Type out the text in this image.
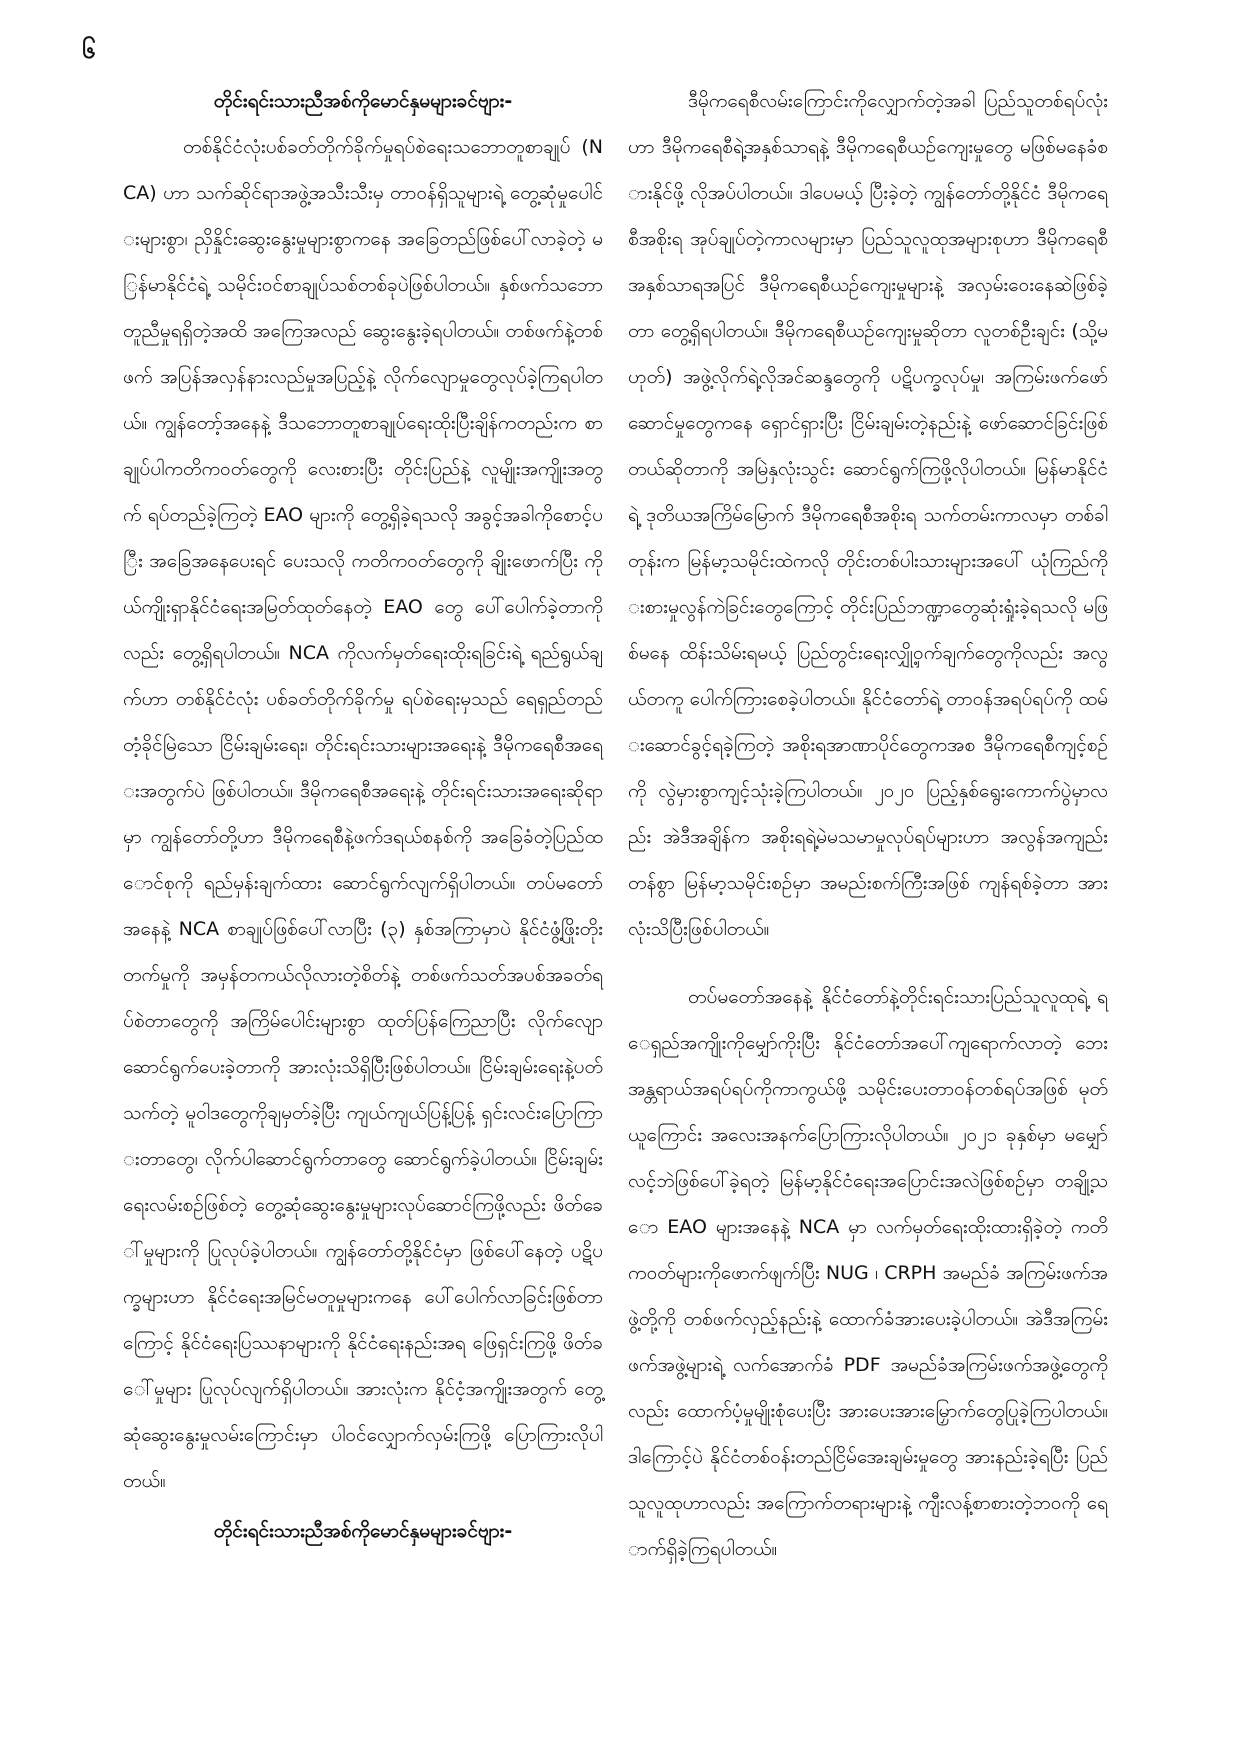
၆

တိုင်းရင်းသားညီအစ်ကိုမောင်နှမများခင်ဗျား-

တစ်နိုင်ငံလုံးပစ်ခတ်တိုက်ခိုက်မှုရပ်စဲရေးသဘောတူစာချုပ် (NCA) ဟာ သက်ဆိုင်ရာအဖွဲ့အသီးသီးမှ တာဝန်ရှိသူများရဲ့ တွေ့ဆုံမှုပေါင်းများစွာ၊ ညှိနှိုင်းဆွေးနွေးမှုများစွာကနေ အခြေတည်ဖြစ်ပေါ်လာခဲ့တဲ့ မြန်မာနိုင်ငံရဲ့ သမိုင်းဝင်စာချုပ်သစ်တစ်ခုပဲဖြစ်ပါတယ်။ နှစ်ဖက်သဘောတူညီမှုရရှိတဲ့အထိ အကြေအလည် ဆွေးနွေးခဲ့ရပါတယ်။ တစ်ဖက်နဲ့တစ်ဖက် အပြန်အလှန်နားလည်မှုအပြည့်နဲ့ လိုက်လျောမှုတွေလုပ်ခဲ့ကြရပါတယ်။ ကျွန်တော့်အနေနဲ့ ဒီသဘောတူစာချုပ်ရေးထိုးပြီးချိန်ကတည်းက စာချုပ်ပါကတိကဝတ်တွေကို လေးစားပြီး တိုင်းပြည်နဲ့ လူမျိုးအကျိုးအတွက် ရပ်တည်ခဲ့ကြတဲ့ EAO များကို တွေ့ရှိခဲ့ရသလို အခွင့်အခါကိုစောင့်ပြီး အခြေအနေပေးရင် ပေးသလို ကတိကဝတ်တွေကို ချိုးဖောက်ပြီး ကိုယ်ကျိုးရှာနိုင်ငံရေးအမြတ်ထုတ်နေတဲ့ EAO တွေ ပေါ်ပေါက်ခဲ့တာကိုလည်း တွေ့ရှိရပါတယ်။ NCA ကိုလက်မှတ်ရေးထိုးရခြင်းရဲ့ ရည်ရွယ်ချက်ဟာ တစ်နိုင်ငံလုံး ပစ်ခတ်တိုက်ခိုက်မှု ရပ်စဲရေးမှသည် ရေရှည်တည်တံ့ခိုင်မြဲသော ငြိမ်းချမ်းရေး၊ တိုင်းရင်းသားများအရေးနဲ့ ဒီမိုကရေစီအရေးအတွက်ပဲ ဖြစ်ပါတယ်။ ဒီမိုကရေစီအရေးနဲ့ တိုင်းရင်းသားအရေးဆိုရာမှာ ကျွန်တော်တို့ဟာ ဒီမိုကရေစီနဲ့ဖက်ဒရယ်စနစ်ကို အခြေခံတဲ့ပြည်ထောင်စုကို ရည်မှန်းချက်ထား ဆောင်ရွက်လျက်ရှိပါတယ်။ တပ်မတော်အနေနဲ့ NCA စာချုပ်ဖြစ်ပေါ်လာပြီး (၃) နှစ်အကြာမှာပဲ နိုင်ငံဖွံ့ဖြိုးတိုးတက်မှုကို အမှန်တကယ်လိုလားတဲ့စိတ်နဲ့ တစ်ဖက်သတ်အပစ်အခတ်ရပ်စဲတာတွေကို အကြိမ်ပေါင်းများစွာ ထုတ်ပြန်ကြေညာပြီး လိုက်လျောဆောင်ရွက်ပေးခဲ့တာကို အားလုံးသိရှိပြီးဖြစ်ပါတယ်။ ငြိမ်းချမ်းရေးနဲ့ပတ်သက်တဲ့ မူဝါဒတွေကိုချမှတ်ခဲ့ပြီး ကျယ်ကျယ်ပြန့်ပြန့် ရှင်းလင်းပြောကြားတာတွေ၊ လိုက်ပါဆောင်ရွက်တာတွေ ဆောင်ရွက်ခဲ့ပါတယ်။ ငြိမ်းချမ်းရေးလမ်းစဉ်ဖြစ်တဲ့ တွေ့ဆုံဆွေးနွေးမှုများလုပ်ဆောင်ကြဖို့လည်း ဖိတ်ခေါ်မှုများကို ပြုလုပ်ခဲ့ပါတယ်။ ကျွန်တော်တို့နိုင်ငံမှာ ဖြစ်ပေါ်နေတဲ့ ပဋိပက္ခများဟာ နိုင်ငံရေးအမြင်မတူမှုများကနေ ပေါ်ပေါက်လာခြင်းဖြစ်တာကြောင့် နိုင်ငံရေးပြဿနာများကို နိုင်ငံရေးနည်းအရ ဖြေရှင်းကြဖို့ ဖိတ်ခေါ်မှုများ ပြုလုပ်လျက်ရှိပါတယ်။ အားလုံးက နိုင်ငံ့အကျိုးအတွက် တွေ့ဆုံဆွေးနွေးမှုလမ်းကြောင်းမှာ ပါဝင်လျှောက်လှမ်းကြဖို့ ပြောကြားလိုပါတယ်။

တိုင်းရင်းသားညီအစ်ကိုမောင်နှမများခင်ဗျား-

ဒီမိုကရေစီလမ်းကြောင်းကိုလျှောက်တဲ့အခါ ပြည်သူတစ်ရပ်လုံးဟာ ဒီမိုကရေစီရဲ့အနှစ်သာရနဲ့ ဒီမိုကရေစီယဉ်ကျေးမှုတွေ မဖြစ်မနေခံစားနိုင်ဖို့ လိုအပ်ပါတယ်။ ဒါပေမယ့် ပြီးခဲ့တဲ့ ကျွန်တော်တို့နိုင်ငံ ဒီမိုကရေစီအစိုးရ အုပ်ချုပ်တဲ့ကာလများမှာ ပြည်သူလူထုအများစုဟာ ဒီမိုကရေစီ အနှစ်သာရအပြင် ဒီမိုကရေစီယဉ်ကျေးမှုများနဲ့ အလှမ်းဝေးနေဆဲဖြစ်ခဲ့တာ တွေ့ရှိရပါတယ်။ ဒီမိုကရေစီယဉ်ကျေးမှုဆိုတာ လူတစ်ဦးချင်း (သို့မဟုတ်) အဖွဲ့လိုက်ရဲ့လိုအင်ဆန္ဒတွေကို ပဋိပက္ခလုပ်မှု၊ အကြမ်းဖက်ဖော်ဆောင်မှုတွေကနေ ရှောင်ရှားပြီး ငြိမ်းချမ်းတဲ့နည်းနဲ့ ဖော်ဆောင်ခြင်းဖြစ်တယ်ဆိုတာကို အမြဲနှလုံးသွင်း ဆောင်ရွက်ကြဖို့လိုပါတယ်။ မြန်မာနိုင်ငံရဲ့ ဒုတိယအကြိမ်မြောက် ဒီမိုကရေစီအစိုးရ သက်တမ်းကာလမှာ တစ်ခါတုန်းက မြန်မာ့သမိုင်းထဲကလို တိုင်းတစ်ပါးသားများအပေါ် ယုံကြည်ကိုးစားမှုလွန်ကဲခြင်းတွေကြောင့် တိုင်းပြည်ဘဏ္ဍာတွေဆုံးရှုံးခဲ့ရသလို မဖြစ်မနေ ထိန်းသိမ်းရမယ့် ပြည်တွင်းရေးလျှို့ဝှက်ချက်တွေကိုလည်း အလွယ်တကူ ပေါက်ကြားစေခဲ့ပါတယ်။ နိုင်ငံတော်ရဲ့ တာဝန်အရပ်ရပ်ကို ထမ်းဆောင်ခွင့်ရခဲ့ကြတဲ့ အစိုးရအာဏာပိုင်တွေကအစ ဒီမိုကရေစီကျင့်စဉ်ကို လွဲမှားစွာကျင့်သုံးခဲ့ကြပါတယ်။ ၂၀၂၀ ပြည့်နှစ်ရွေးကောက်ပွဲမှာလည်း အဲဒီအချိန်က အစိုးရရဲ့မဲမသမာမှုလုပ်ရပ်များဟာ အလွန်အကျည်းတန်စွာ မြန်မာ့သမိုင်းစဉ်မှာ အမည်းစက်ကြီးအဖြစ် ကျန်ရစ်ခဲ့တာ အားလုံးသိပြီးဖြစ်ပါတယ်။

တပ်မတော်အနေနဲ့ နိုင်ငံတော်နဲ့တိုင်းရင်းသားပြည်သူလူထုရဲ့ ရေရှည်အကျိုးကိုမျှော်ကိုးပြီး နိုင်ငံတော်အပေါ်ကျရောက်လာတဲ့ ဘေးအန္တရာယ်အရပ်ရပ်ကိုကာကွယ်ဖို့ သမိုင်းပေးတာဝန်တစ်ရပ်အဖြစ် မုတ်ယူကြောင်း အလေးအနက်ပြောကြားလိုပါတယ်။ ၂၀၂၁ ခုနှစ်မှာ မမျှော်လင့်ဘဲဖြစ်ပေါ်ခဲ့ရတဲ့ မြန်မာ့နိုင်ငံရေးအပြောင်းအလဲဖြစ်စဉ်မှာ တချို့သော EAO များအနေနဲ့ NCA မှာ လက်မှတ်ရေးထိုးထားရှိခဲ့တဲ့ ကတိကဝတ်များကိုဖောက်ဖျက်ပြီး NUG ၊ CRPH အမည်ခံ အကြမ်းဖက်အဖွဲ့တို့ကို တစ်ဖက်လှည့်နည်းနဲ့ ထောက်ခံအားပေးခဲ့ပါတယ်။ အဲဒီအကြမ်းဖက်အဖွဲ့များရဲ့ လက်အောက်ခံ PDF အမည်ခံအကြမ်းဖက်အဖွဲ့တွေကိုလည်း ထောက်ပံ့မှုမျိုးစုံပေးပြီး အားပေးအားမြှောက်တွေပြုခဲ့ကြပါတယ်။ ဒါကြောင့်ပဲ နိုင်ငံတစ်ဝန်းတည်ငြိမ်အေးချမ်းမှုတွေ အားနည်းခဲ့ရပြီး ပြည်သူလူထုဟာလည်း အကြောက်တရားများနဲ့ ကျီးလန့်စာစားတဲ့ဘဝကို ရောက်ရှိခဲ့ကြရပါတယ်။
